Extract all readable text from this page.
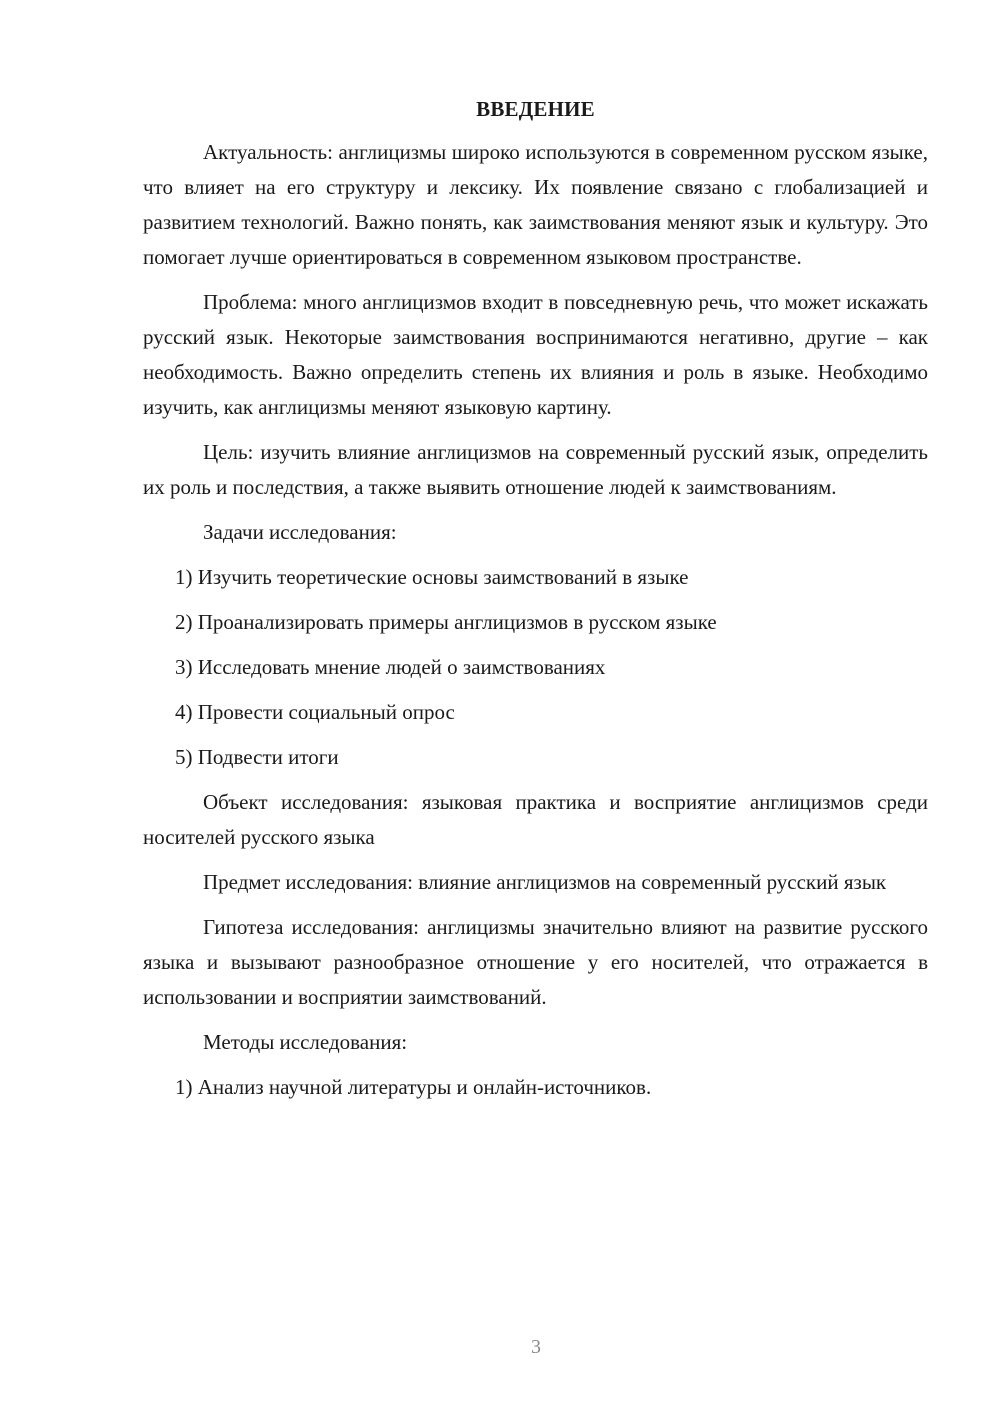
ВВЕДЕНИЕ

Актуальность: англицизмы широко используются в современном русском языке, что влияет на его структуру и лексику. Их появление связано с глобализацией и развитием технологий. Важно понять, как заимствования меняют язык и культуру. Это помогает лучше ориентироваться в современном языковом пространстве.

Проблема: много англицизмов входит в повседневную речь, что может искажать русский язык. Некоторые заимствования воспринимаются негативно, другие – как необходимость. Важно определить степень их влияния и роль в языке. Необходимо изучить, как англицизмы меняют языковую картину.

Цель: изучить влияние англицизмов на современный русский язык, определить их роль и последствия, а также выявить отношение людей к заимствованиям.

Задачи исследования:

1) Изучить теоретические основы заимствований в языке

2) Проанализировать примеры англицизмов в русском языке

3) Исследовать мнение людей о заимствованиях

4) Провести социальный опрос

5) Подвести итоги

Объект исследования: языковая практика и восприятие англицизмов среди носителей русского языка

Предмет исследования: влияние англицизмов на современный русский язык

Гипотеза исследования: англицизмы значительно влияют на развитие русского языка и вызывают разнообразное отношение у его носителей, что отражается в использовании и восприятии заимствований.

Методы исследования:

1) Анализ научной литературы и онлайн-источников.

3
